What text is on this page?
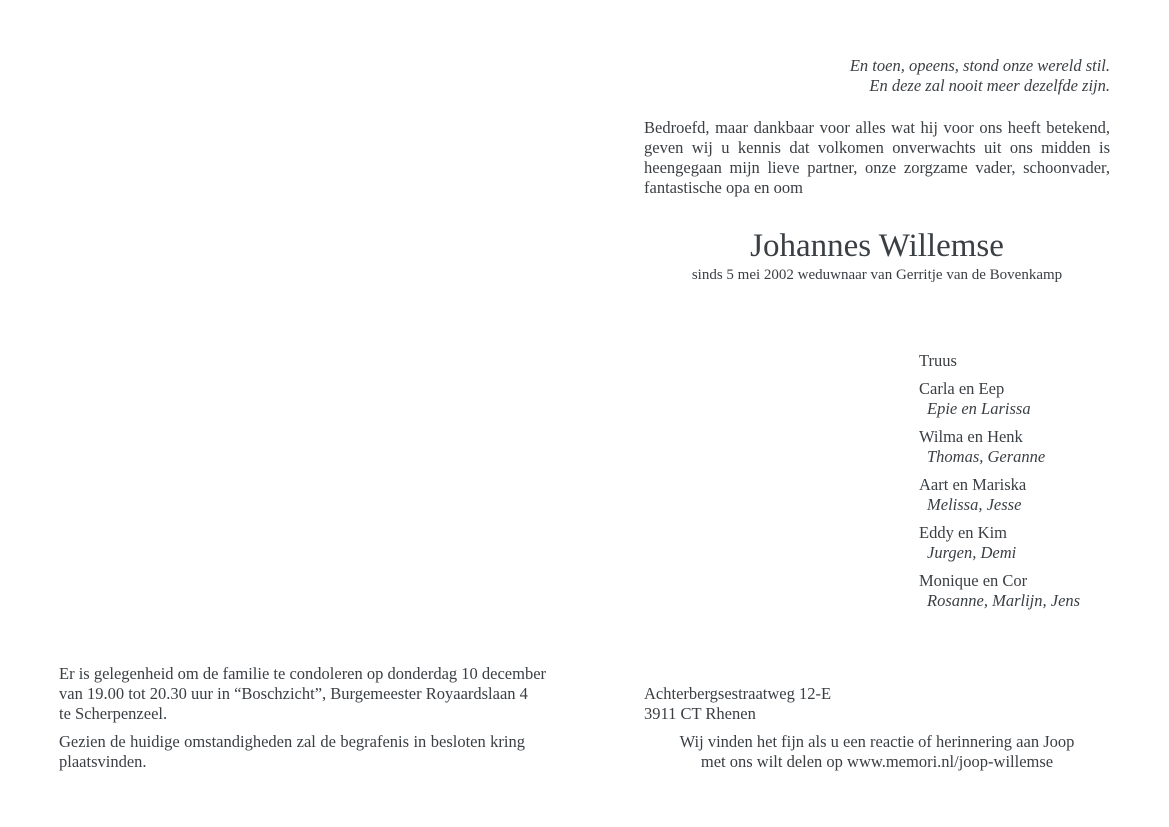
En toen, opeens, stond onze wereld stil.
En deze zal nooit meer dezelfde zijn.
Bedroefd, maar dankbaar voor alles wat hij voor ons heeft betekend,
geven wij u kennis dat volkomen onverwachts uit ons midden is
heengegaan mijn lieve partner, onze zorgzame vader, schoonvader,
fantastische opa en oom
Johannes Willemse
sinds 5 mei 2002 weduwnaar van Gerritje van de Bovenkamp
Truus
Carla en Eep
Epie en Larissa
Wilma en Henk
Thomas, Geranne
Aart en Mariska
Melissa, Jesse
Eddy en Kim
Jurgen, Demi
Monique en Cor
Rosanne, Marlijn, Jens

Er is gelegenheid om de familie te condoleren op donderdag 10 december
van 19.00 tot 20.30 uur in “Boschzicht”, Burgemeester Royaardslaan 4
te Scherpenzeel.

Gezien de huidige omstandigheden zal de begrafenis in besloten kring
plaatsvinden.

Achterbergsestraatweg 12-E
3911 CT Rhenen
Wij vinden het fijn als u een reactie of herinnering aan Joop
met ons wilt delen op www.memori.nl/joop-willemse
